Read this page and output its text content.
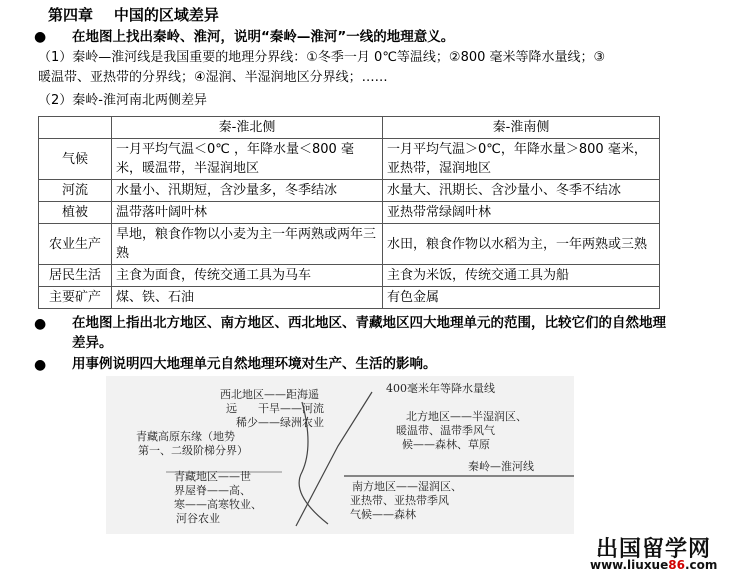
第四章 中国的区域差异
● 在地图上找出秦岭、淮河，说明“秦岭—淮河”一线的地理意义。
（1）秦岭—淮河线是我国重要的地理分界线：①冬季一月 0℃等温线；②800 毫米等降水量线；③
暖温带、亚热带的分界线；④湿润、半湿润地区分界线；……
（2）秦岭-淮河南北两侧差异
	秦-淮北侧	秦-淮南侧
气候	一月平均气温＜0℃ ，年降水量＜800 毫米，暖温带，半湿润地区	一月平均气温＞0℃，年降水量＞800 毫米，亚热带，湿润地区
河流	水量小、汛期短，含沙量多，冬季结冰	水量大、汛期长、含沙量小、冬季不结冰
植被	温带落叶阔叶林	亚热带常绿阔叶林
农业生产	旱地，粮食作物以小麦为主一年两熟或两年三熟	水田，粮食作物以水稻为主，一年两熟或三熟
居民生活	主食为面食，传统交通工具为马车	主食为米饭，传统交通工具为船
主要矿产	煤、铁、石油	有色金属
● 在地图上指出北方地区、南方地区、西北地区、青藏地区四大地理单元的范围，比较它们的自然地理差异。
● 用事例说明四大地理单元自然地理环境对生产、生活的影响。
400毫米年等降水量线
西北地区——距海遥
远      干旱——河流
稀少——绿洲农业
青藏高原东缘（地势
第一、二级阶梯分界）
北方地区——半湿润区、
暖温带、温带季风气
候——森林、草原
秦岭—淮河线
青藏地区——世
界屋脊——高、
寒——高寒牧业、
河谷农业
南方地区——湿润区、
亚热带、亚热带季风
气候——森林
出国留学网
www.liuxue86.com
